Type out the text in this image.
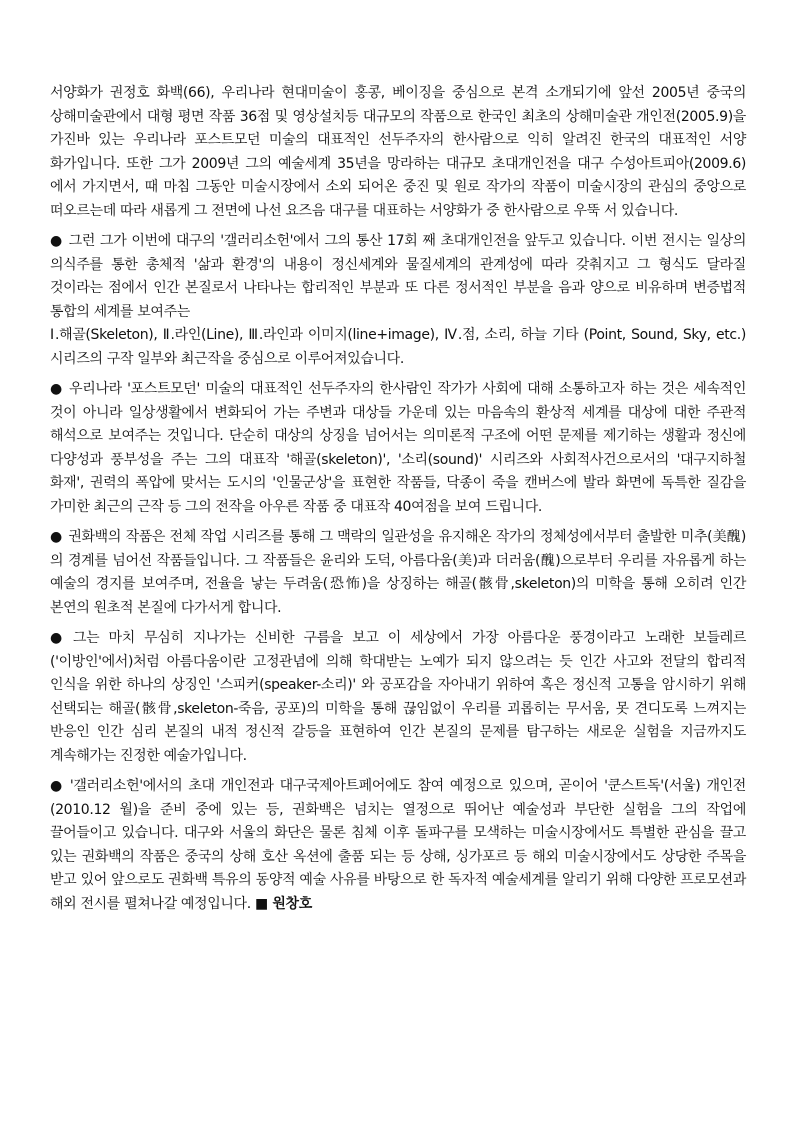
서양화가 권정호 화백(66), 우리나라 현대미술이 홍콩, 베이징을 중심으로 본격 소개되기에 앞선 2005년 중국의 상해미술관에서 대형 평면 작품 36점 및 영상설치등 대규모의 작품으로 한국인 최초의 상해미술관 개인전(2005.9)을 가진바 있는 우리나라 포스트모던 미술의 대표적인 선두주자의 한사람으로 익히 알려진 한국의 대표적인 서양 화가입니다. 또한 그가 2009년 그의 예술세계 35년을 망라하는 대규모 초대개인전을 대구 수성아트피아(2009.6)에서 가지면서, 때 마침 그동안 미술시장에서 소외 되어온 중진 및 원로 작가의 작품이 미술시장의 관심의 중앙으로 떠오르는데 따라 새롭게 그 전면에 나선 요즈음 대구를 대표하는 서양화가 중 한사람으로 우뚝 서 있습니다.

● 그런 그가 이번에 대구의 '갤러리소헌'에서 그의 통산 17회 째 초대개인전을 앞두고 있습니다. 이번 전시는 일상의 의식주를 통한 총체적 '삶과 환경'의 내용이 정신세계와 물질세계의 관계성에 따라 갖춰지고 그 형식도 달라질 것이라는 점에서 인간 본질로서 나타나는 합리적인 부분과 또 다른 정서적인 부분을 음과 양으로 비유하며 변증법적 통합의 세계를 보여주는
Ⅰ.해골(Skeleton), Ⅱ.라인(Line), Ⅲ.라인과 이미지(line+image), Ⅳ.점, 소리, 하늘 기타 (Point, Sound, Sky, etc.)시리즈의 구작 일부와 최근작을 중심으로 이루어져있습니다.

● 우리나라 '포스트모던' 미술의 대표적인 선두주자의 한사람인 작가가 사회에 대해 소통하고자 하는 것은 세속적인 것이 아니라 일상생활에서 변화되어 가는 주변과 대상들 가운데 있는 마음속의 환상적 세계를 대상에 대한 주관적 해석으로 보여주는 것입니다. 단순히 대상의 상징을 넘어서는 의미론적 구조에 어떤 문제를 제기하는 생활과 정신에 다양성과 풍부성을 주는 그의 대표작 '해골(skeleton)', '소리(sound)' 시리즈와 사회적사건으로서의 '대구지하철 화재', 권력의 폭압에 맞서는 도시의 '인물군상'을 표현한 작품들, 닥종이 죽을 캔버스에 발라 화면에 독특한 질감을 가미한 최근의 근작 등 그의 전작을 아우른 작품 중 대표작 40여점을 보여 드립니다.

● 권화백의 작품은 전체 작업 시리즈를 통해 그 맥락의 일관성을 유지해온 작가의 정체성에서부터 출발한 미추(美醜)의 경계를 넘어선 작품들입니다. 그 작품들은 윤리와 도덕, 아름다움(美)과 더러움(醜)으로부터 우리를 자유롭게 하는 예술의 경지를 보여주며, 전율을 낳는 두려움(恐怖)을 상징하는 해골(骸骨,skeleton)의 미학을 통해 오히려 인간 본연의 원초적 본질에 다가서게 합니다.

● 그는 마치 무심히 지나가는 신비한 구름을 보고 이 세상에서 가장 아름다운 풍경이라고 노래한 보들레르('이방인'에서)처럼 아름다움이란 고정관념에 의해 학대받는 노예가 되지 않으려는 듯 인간 사고와 전달의 합리적 인식을 위한 하나의 상징인 '스피커(speaker-소리)' 와 공포감을 자아내기 위하여 혹은 정신적 고통을 암시하기 위해 선택되는 해골(骸骨,skeleton-죽음, 공포)의 미학을 통해 끊임없이 우리를 괴롭히는 무서움, 못 견디도록 느껴지는 반응인 인간 심리 본질의 내적 정신적 갈등을 표현하여 인간 본질의 문제를 탐구하는 새로운 실험을 지금까지도 계속해가는 진정한 예술가입니다.

● '갤러리소헌'에서의 초대 개인전과 대구국제아트페어에도 참여 예정으로 있으며, 곧이어 '쿤스트독'(서울) 개인전(2010.12 월)을 준비 중에 있는 등, 권화백은 넘치는 열정으로 뛰어난 예술성과 부단한 실험을 그의 작업에 끌어들이고 있습니다. 대구와 서울의 화단은 물론 침체 이후 돌파구를 모색하는 미술시장에서도 특별한 관심을 끌고 있는 권화백의 작품은 중국의 상해 호산 옥션에 출품 되는 등 상해, 싱가포르 등 해외 미술시장에서도 상당한 주목을 받고 있어 앞으로도 권화백 특유의 동양적 예술 사유를 바탕으로 한 독자적 예술세계를 알리기 위해 다양한 프로모션과 해외 전시를 펼쳐나갈 예정입니다. ■ 원창호
